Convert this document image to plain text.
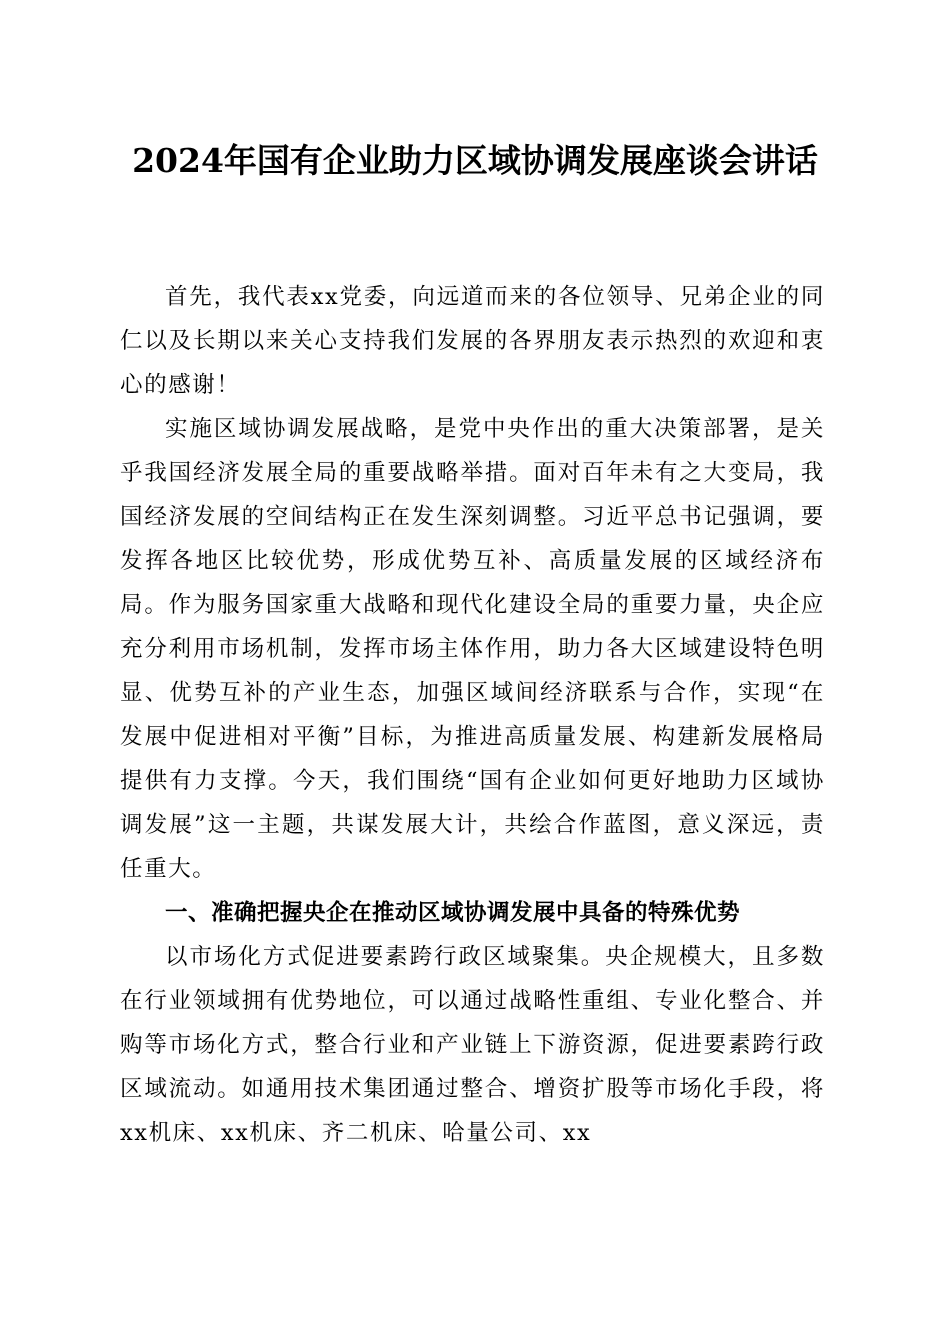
2024年国有企业助力区域协调发展座谈会讲话

首先，我代表xx党委，向远道而来的各位领导、兄弟企业的同仁以及长期以来关心支持我们发展的各界朋友表示热烈的欢迎和衷心的感谢！

实施区域协调发展战略，是党中央作出的重大决策部署，是关乎我国经济发展全局的重要战略举措。面对百年未有之大变局，我国经济发展的空间结构正在发生深刻调整。习近平总书记强调，要发挥各地区比较优势，形成优势互补、高质量发展的区域经济布局。作为服务国家重大战略和现代化建设全局的重要力量，央企应充分利用市场机制，发挥市场主体作用，助力各大区域建设特色明显、优势互补的产业生态，加强区域间经济联系与合作，实现“在发展中促进相对平衡”目标，为推进高质量发展、构建新发展格局提供有力支撑。今天，我们围绕“国有企业如何更好地助力区域协调发展”这一主题，共谋发展大计，共绘合作蓝图，意义深远，责任重大。

一、准确把握央企在推动区域协调发展中具备的特殊优势

以市场化方式促进要素跨行政区域聚集。央企规模大，且多数在行业领域拥有优势地位，可以通过战略性重组、专业化整合、并购等市场化方式，整合行业和产业链上下游资源，促进要素跨行政区域流动。如通用技术集团通过整合、增资扩股等市场化手段，将xx机床、xx机床、齐二机床、哈量公司、xx
